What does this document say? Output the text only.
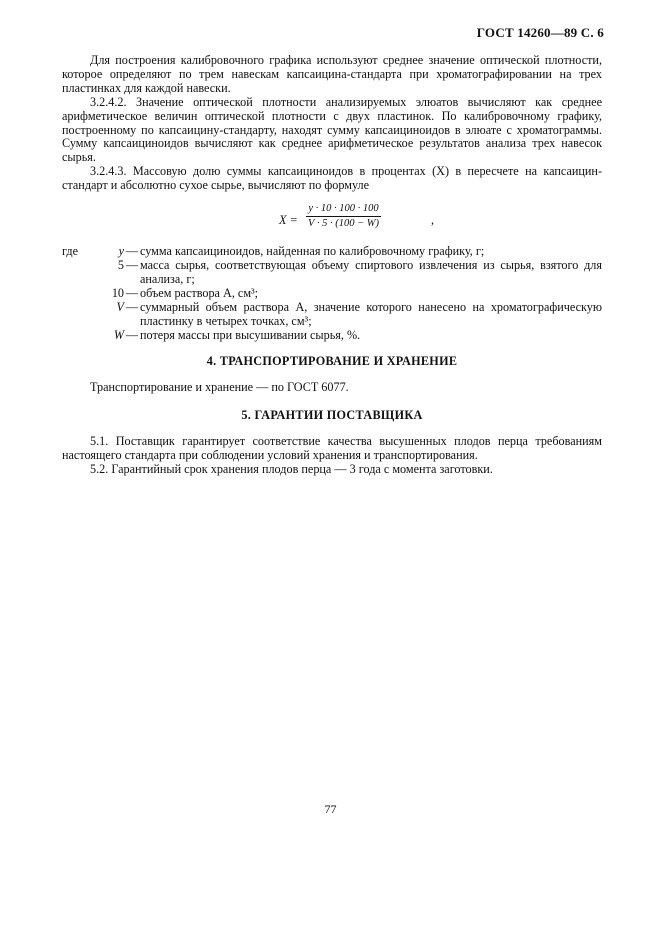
ГОСТ 14260—89 С. 6

Для построения калибровочного графика используют среднее значение оптической плотности, которое определяют по трем навескам капсаицина-стандарта при хроматографировании на трех пластинках для каждой навески.

3.2.4.2. Значение оптической плотности анализируемых элюатов вычисляют как среднее арифметическое величин оптической плотности с двух пластинок. По калибровочному графику, построенному по капсаицину-стандарту, находят сумму капсаициноидов в элюате с хроматограммы. Сумму капсаициноидов вычисляют как среднее арифметическое результатов анализа трех навесок сырья.

3.2.4.3. Массовую долю суммы капсаициноидов в процентах (X) в пересчете на капсаицин-стандарт и абсолютно сухое сырье, вычисляют по формуле

X =
y · 10 · 100 · 100
V · 5 · (100 − W)	,
где	y — сумма капсаициноидов, найденная по калибровочному графику, г;
5 — масса сырья, соответствующая объему спиртового извлечения из сырья, взятого для анализа, г;
10 — объем раствора А, см³;
V — суммарный объем раствора А, значение которого нанесено на хроматографическую пластинку в четырех точках, см³;
W — потеря массы при высушивании сырья, %.

4. ТРАНСПОРТИРОВАНИЕ И ХРАНЕНИЕ

Транспортирование и хранение — по ГОСТ 6077.

5. ГАРАНТИИ ПОСТАВЩИКА

5.1. Поставщик гарантирует соответствие качества высушенных плодов перца требованиям настоящего стандарта при соблюдении условий хранения и транспортирования.

5.2. Гарантийный срок хранения плодов перца — 3 года с момента заготовки.

77
